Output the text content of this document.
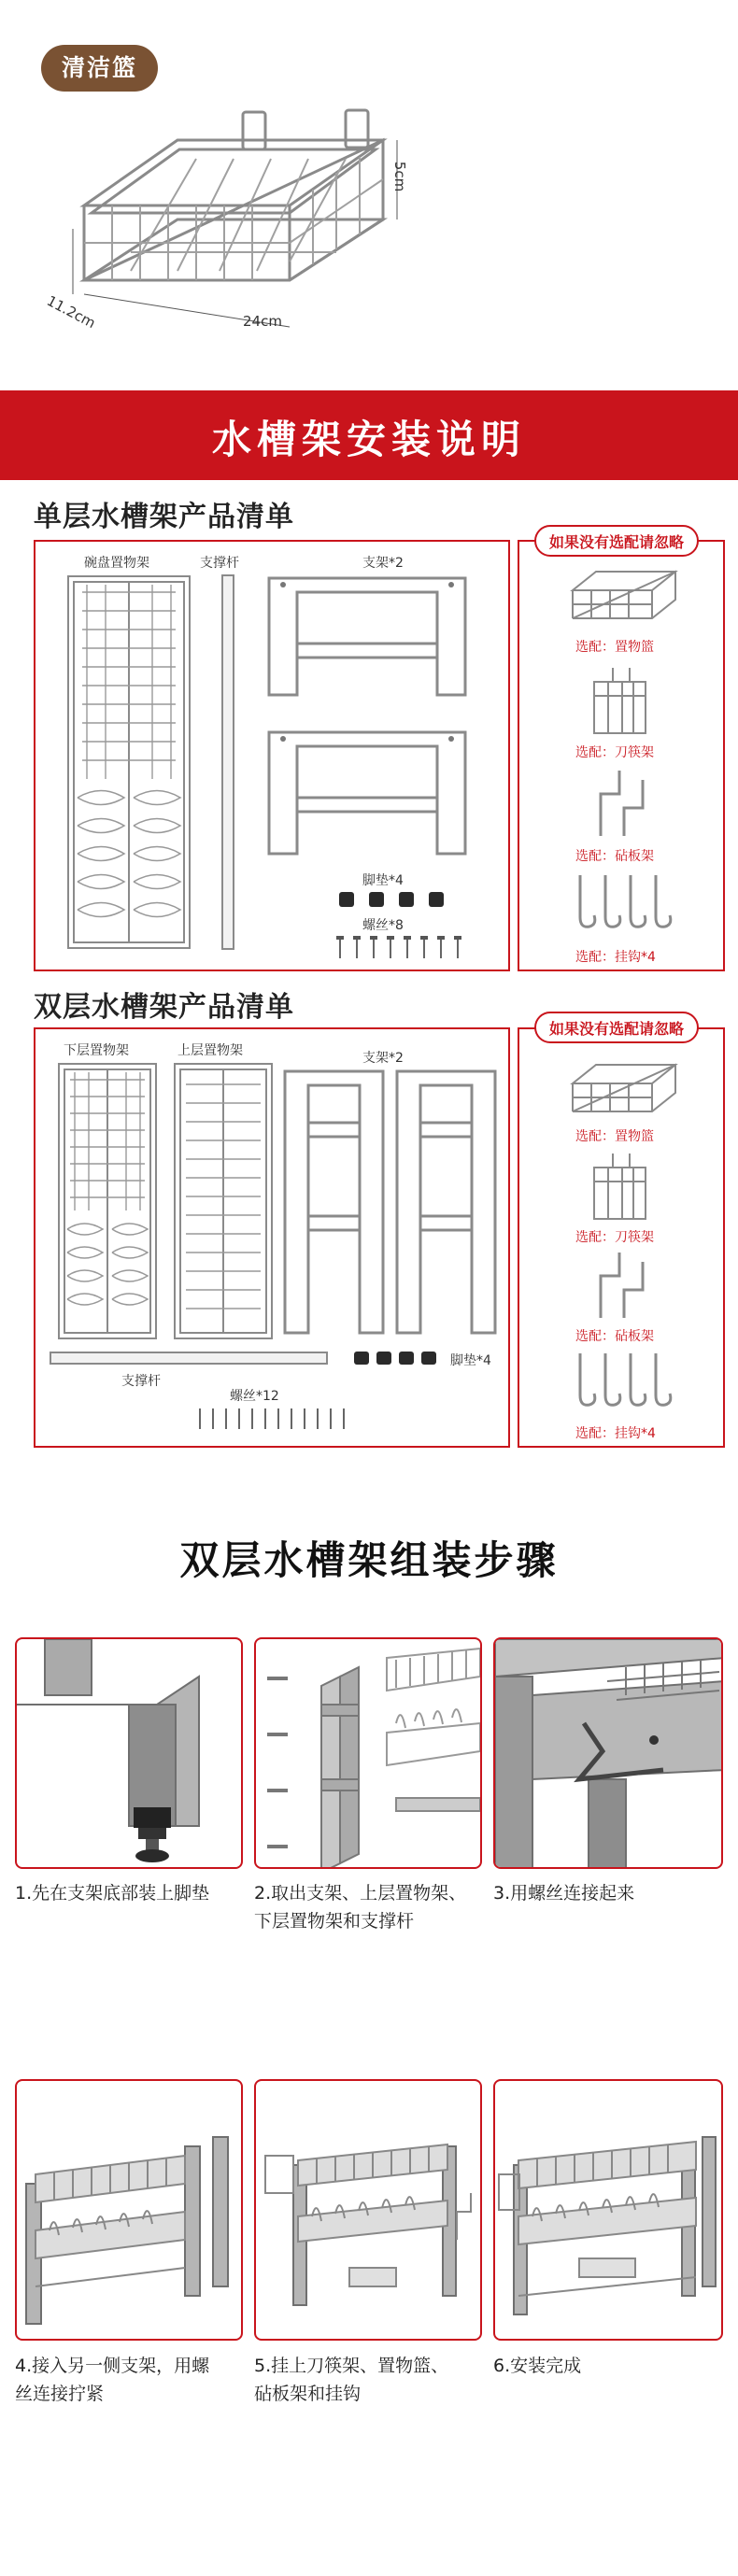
清洁篮
24cm
11.2cm
5cm
水槽架安装说明
单层水槽架产品清单
碗盘置物架	支撑杆	支架*2
脚垫*4
螺丝*8
选配：置物篮
选配：刀筷架
选配：砧板架
选配：挂钩*4
如果没有选配请忽略
双层水槽架产品清单
下层置物架	上层置物架	支架*2
支撑杆
脚垫*4
螺丝*12
选配：置物篮
选配：刀筷架
选配：砧板架
选配：挂钩*4
如果没有选配请忽略
双层水槽架组装步骤
1.先在支架底部装上脚垫	2.取出支架、上层置物架、
下层置物架和支撑杆
3.用螺丝连接起来
4.接入另一侧支架，用螺
丝连接拧紧
5.挂上刀筷架、置物篮、
砧板架和挂钩
6.安装完成
